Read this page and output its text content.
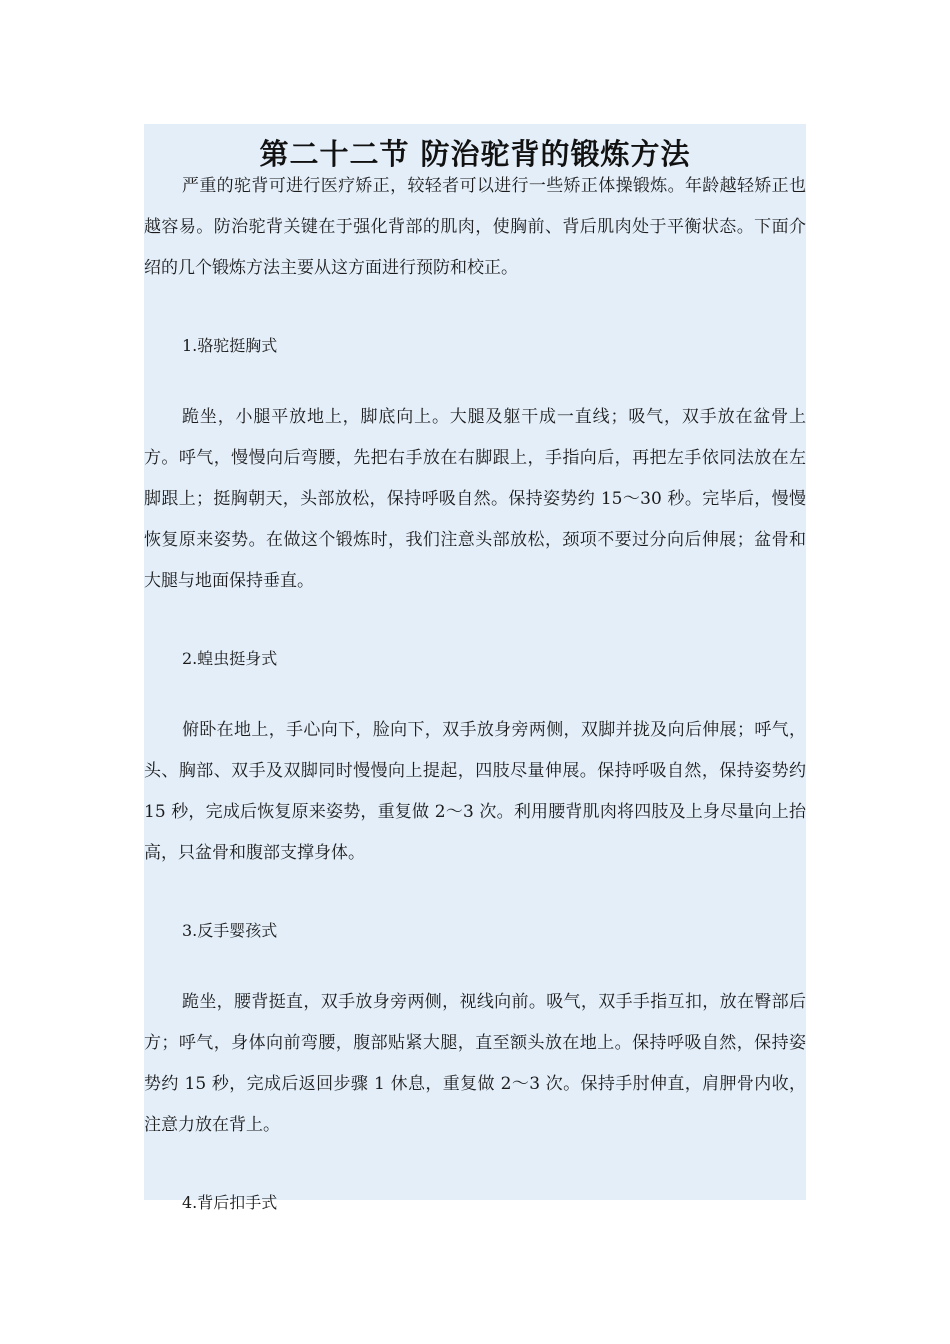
第二十二节 防治驼背的锻炼方法

严重的驼背可进行医疗矫正，较轻者可以进行一些矫正体操锻炼。年龄越轻矫正也越容易。防治驼背关键在于强化背部的肌肉，使胸前、背后肌肉处于平衡状态。下面介绍的几个锻炼方法主要从这方面进行预防和校正。

1.骆驼挺胸式

跪坐，小腿平放地上，脚底向上。大腿及躯干成一直线；吸气，双手放在盆骨上方。呼气，慢慢向后弯腰，先把右手放在右脚跟上，手指向后，再把左手依同法放在左脚跟上；挺胸朝天，头部放松，保持呼吸自然。保持姿势约 15～30 秒。完毕后，慢慢恢复原来姿势。在做这个锻炼时，我们注意头部放松，颈项不要过分向后伸展；盆骨和大腿与地面保持垂直。

2.蝗虫挺身式

俯卧在地上，手心向下，脸向下，双手放身旁两侧，双脚并拢及向后伸展；呼气，头、胸部、双手及双脚同时慢慢向上提起，四肢尽量伸展。保持呼吸自然，保持姿势约 15 秒，完成后恢复原来姿势，重复做 2～3 次。利用腰背肌肉将四肢及上身尽量向上抬高，只盆骨和腹部支撑身体。

3.反手婴孩式

跪坐，腰背挺直，双手放身旁两侧，视线向前。吸气，双手手指互扣，放在臀部后方；呼气，身体向前弯腰，腹部贴紧大腿，直至额头放在地上。保持呼吸自然，保持姿势约 15 秒，完成后返回步骤 1 休息，重复做 2～3 次。保持手肘伸直，肩胛骨内收，注意力放在背上。

4.背后扣手式
